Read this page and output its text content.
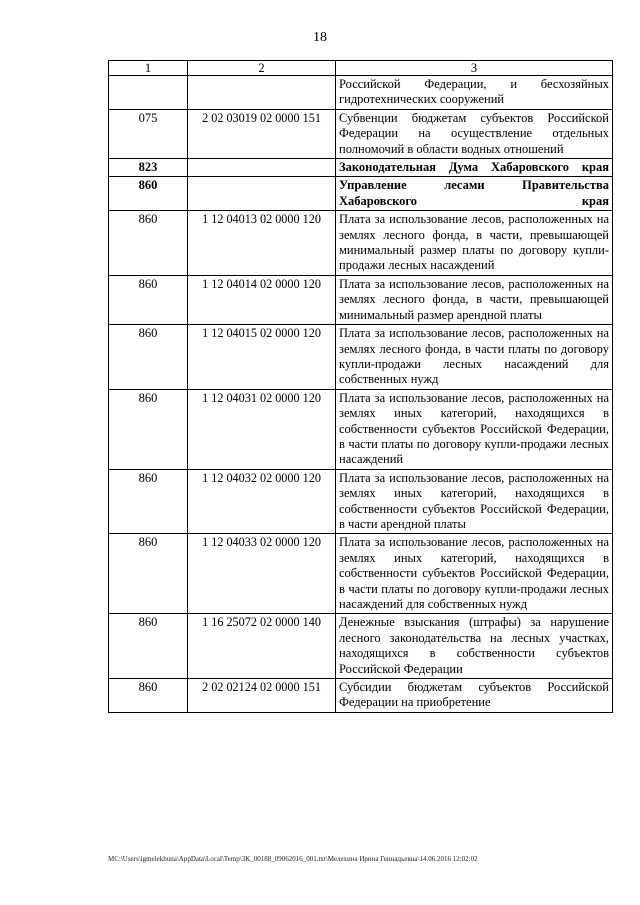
18
1	2	3
		Российской Федерации, и бесхозяйных гидротехнических сооружений
075	2 02 03019 02 0000 151	Субвенции бюджетам субъектов Российской Федерации на осуществление отдельных полномочий в области водных отношений
823		Законодательная Дума Хабаровского края
860		Управление лесами Правительства Хабаровского края
860	1 12 04013 02 0000 120	Плата за использование лесов, расположенных на землях лесного фонда, в части, превышающей минимальный размер платы по договору купли-продажи лесных насаждений
860	1 12 04014 02 0000 120	Плата за использование лесов, расположенных на землях лесного фонда, в части, превышающей минимальный размер арендной платы
860	1 12 04015 02 0000 120	Плата за использование лесов, расположенных на землях лесного фонда, в части платы по договору купли-продажи лесных насаждений для собственных нужд
860	1 12 04031 02 0000 120	Плата за использование лесов, расположенных на землях иных категорий, находящихся в собственности субъектов Российской Федерации, в части платы по договору купли-продажи лесных насаждений
860	1 12 04032 02 0000 120	Плата за использование лесов, расположенных на землях иных категорий, находящихся в собственности субъектов Российской Федерации, в части арендной платы
860	1 12 04033 02 0000 120	Плата за использование лесов, расположенных на землях иных категорий, находящихся в собственности субъектов Российской Федерации, в части платы по договору купли-продажи лесных насаждений для собственных нужд
860	1 16 25072 02 0000 140	Денежные взыскания (штрафы) за нарушение лесного законодательства на лесных участках, находящихся в собственности субъектов Российской Федерации
860	2 02 02124 02 0000 151	Субсидии бюджетам субъектов Российской Федерации на приобретение
MC:\Users\igmelekhuna\AppData\Local\Temp\3K_00188_09062016_001.txt\Мелехина Ирина Геннадьевна\14.06.2016 12:02:02
